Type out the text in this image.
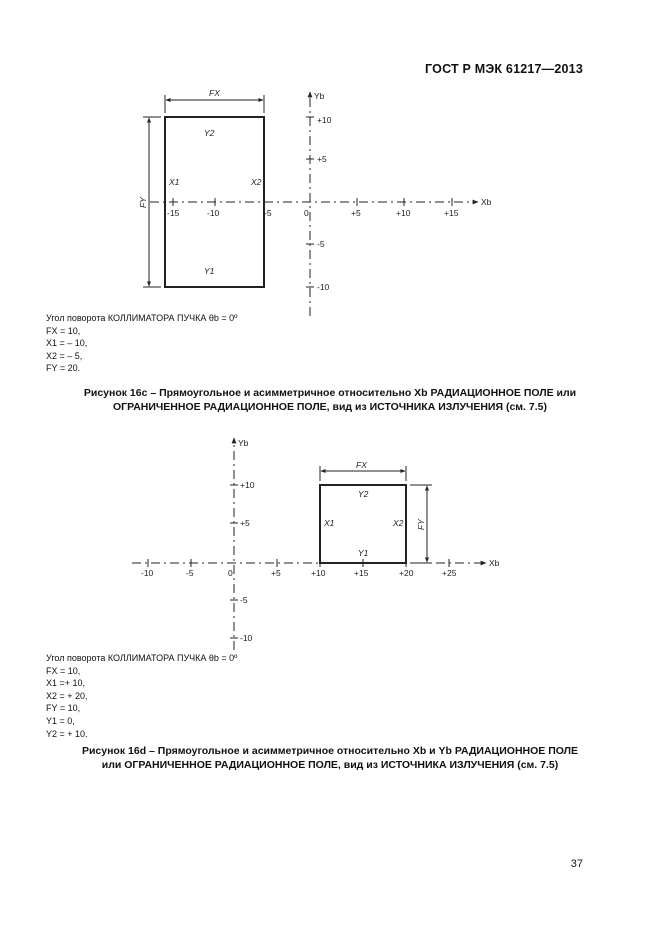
ГОСТ Р МЭК 61217—2013
FX
FY
Y2
Y1
X1	X2
Xb
Yb
-15	-10	-5	0	+5	+10	+15
+10
+5
-5
-10
Угол поворота КОЛЛИМАТОРА ПУЧКА θb = 0º
FX = 10,
X1 = – 10,
X2 = – 5,
FY = 20.
Рисунок 16c – Прямоугольное и асимметричное относительно Xb РАДИАЦИОННОЕ ПОЛЕ или
ОГРАНИЧЕННОЕ РАДИАЦИОННОЕ ПОЛЕ, вид из ИСТОЧНИКА ИЗЛУЧЕНИЯ (см. 7.5)
FX
FY
Y2
Y1
X1	X2
Xb
Yb
-10	-5	0	+5	+10	+15	+20	+25
+10
+5
-5
-10
Угол поворота КОЛЛИМАТОРА ПУЧКА θb = 0º
FX = 10,
X1 =+ 10,
X2 = + 20,
FY = 10,
Y1 = 0,
Y2 = + 10.
Рисунок 16d – Прямоугольное и асимметричное относительно Xb и Yb РАДИАЦИОННОЕ ПОЛЕ
или ОГРАНИЧЕННОЕ РАДИАЦИОННОЕ ПОЛЕ, вид из ИСТОЧНИКА ИЗЛУЧЕНИЯ (см. 7.5)
37
